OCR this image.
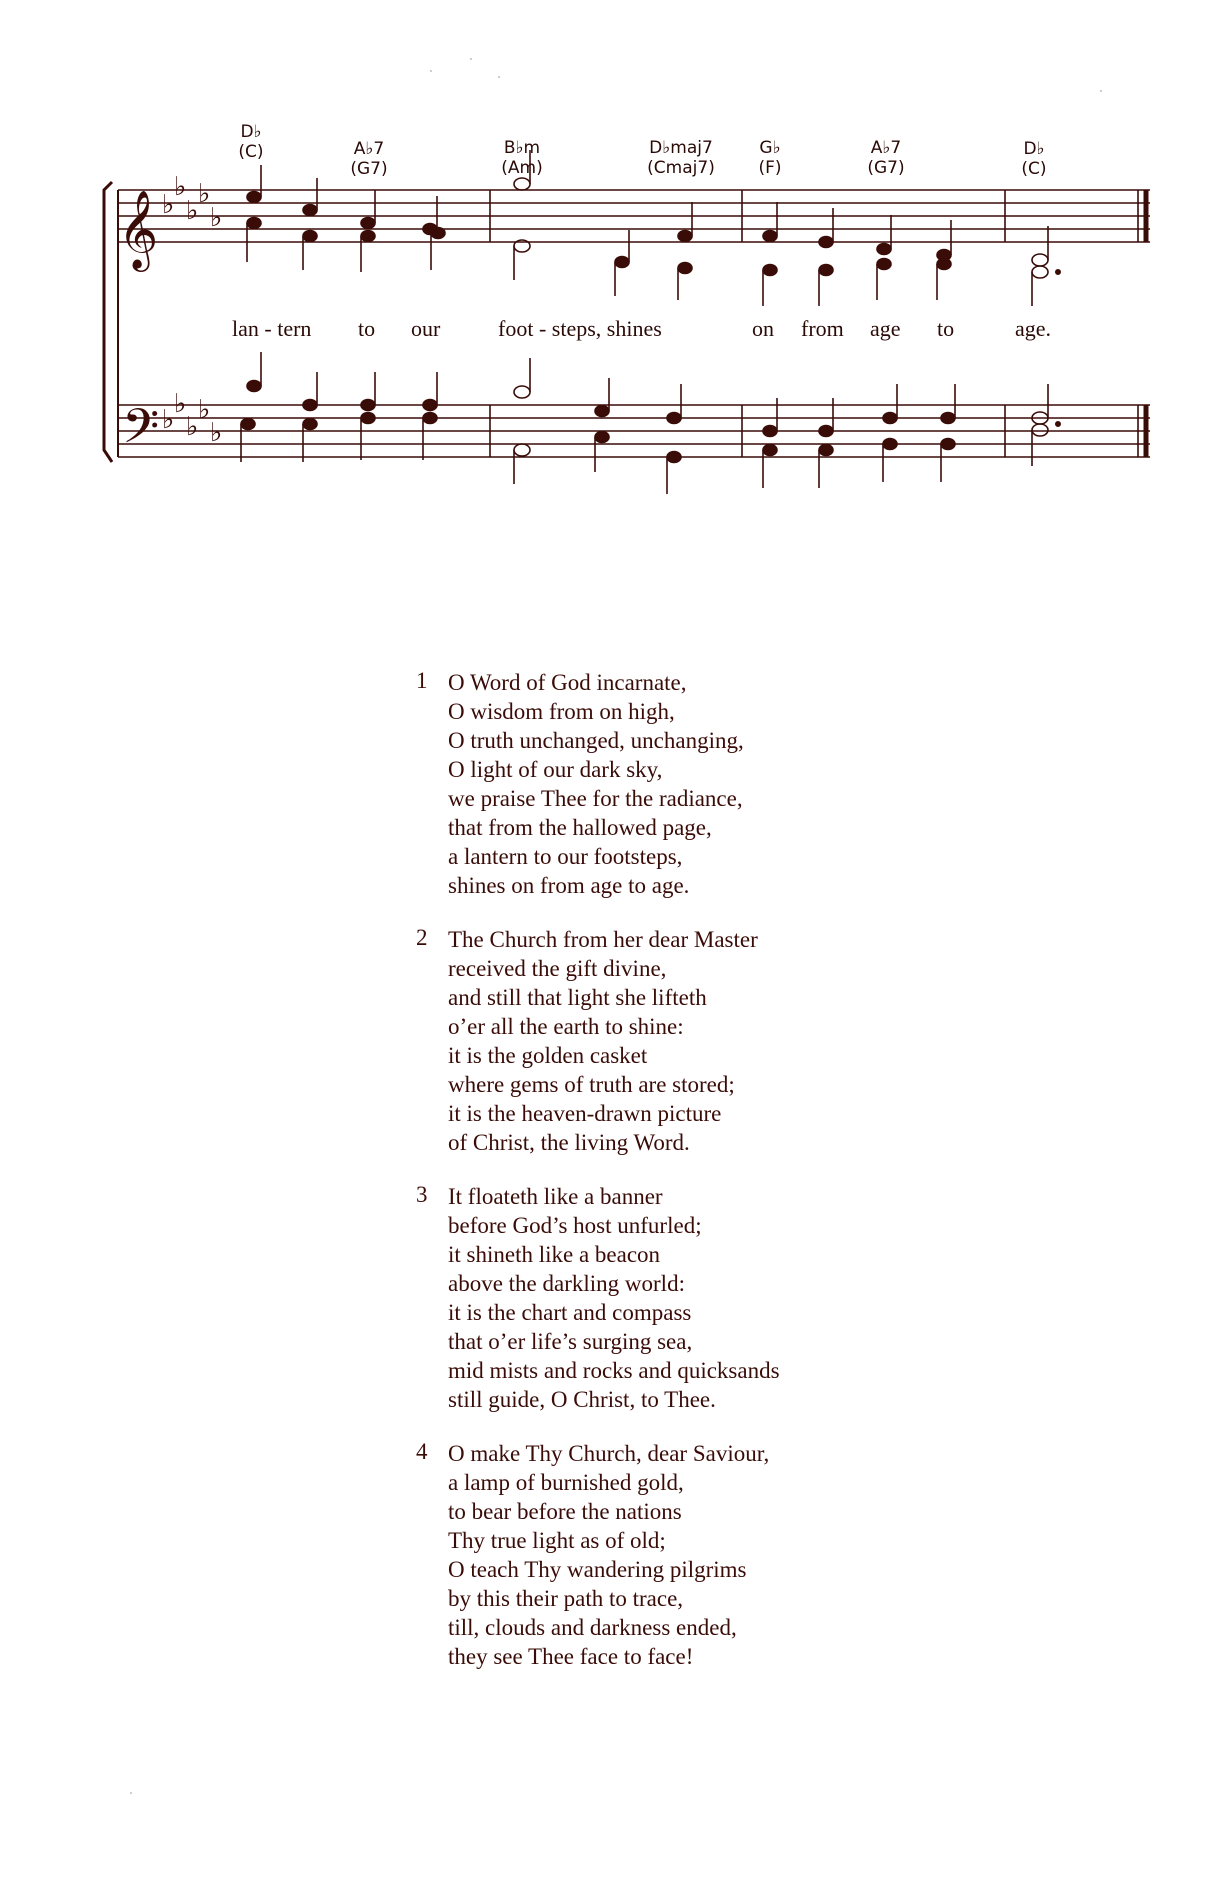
D♭
(C)	A♭7
(G7)
B♭m
(Am)
D♭maj7
(Cmaj7)
G♭
(F)
A♭7
(G7)
D♭
(C)
𝄞
𝄢
♭
♭
♭
♭
♭
♭
♭
♭
♭
♭
lan - tern to our	foot - steps, shines	on from age to	age.
1 O Word of God incarnate,
O wisdom from on high,
O truth unchanged, unchanging,
O light of our dark sky,
we praise Thee for the radiance,
that from the hallowed page,
a lantern to our footsteps,
shines on from age to age.
2 The Church from her dear Master
received the gift divine,
and still that light she lifteth
o’er all the earth to shine:
it is the golden casket
where gems of truth are stored;
it is the heaven-drawn picture
of Christ, the living Word.
3 It floateth like a banner
before God’s host unfurled;
it shineth like a beacon
above the darkling world:
it is the chart and compass
that o’er life’s surging sea,
mid mists and rocks and quicksands
still guide, O Christ, to Thee.
4 O make Thy Church, dear Saviour,
a lamp of burnished gold,
to bear before the nations
Thy true light as of old;
O teach Thy wandering pilgrims
by this their path to trace,
till, clouds and darkness ended,
they see Thee face to face!
